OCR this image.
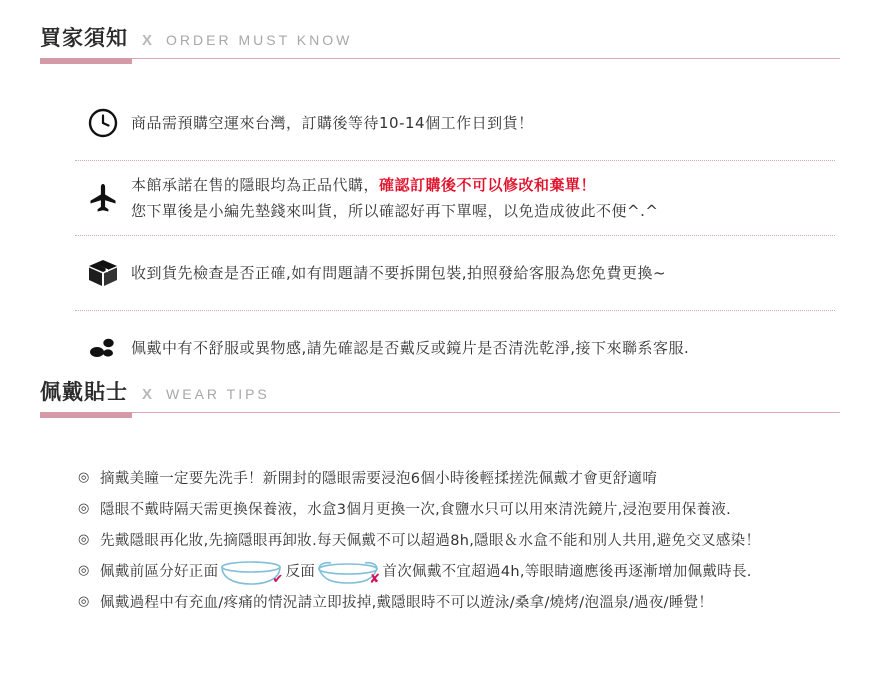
買家須知 X ORDER MUST KNOW
商品需預購空運來台灣，訂購後等待10-14個工作日到貨！
本館承諾在售的隱眼均為正品代購，確認訂購後不可以修改和棄單！
您下單後是小編先墊錢來叫貨，所以確認好再下單喔，以免造成彼此不便^.^
收到貨先檢查是否正確,如有問題請不要拆開包裝,拍照發給客服為您免費更換~
佩戴中有不舒服或異物感,請先確認是否戴反或鏡片是否清洗乾淨,接下來聯系客服.
佩戴貼士 X WEAR TIPS
◎ 摘戴美瞳一定要先洗手！新開封的隱眼需要浸泡6個小時後輕揉搓洗佩戴才會更舒適唷
◎ 隱眼不戴時隔天需更換保養液，水盒3個月更換一次,食鹽水只可以用來清洗鏡片,浸泡要用保養液.
◎ 先戴隱眼再化妝,先摘隱眼再卸妝.每天佩戴不可以超過8h,隱眼＆水盒不能和別人共用,避免交叉感染！
◎ 佩戴前區分好正面	✔ 反面	✘ 首次佩戴不宜超過4h,等眼睛適應後再逐漸增加佩戴時長.
◎ 佩戴過程中有充血/疼痛的情況請立即拔掉,戴隱眼時不可以遊泳/桑拿/燒烤/泡溫泉/過夜/睡覺！
